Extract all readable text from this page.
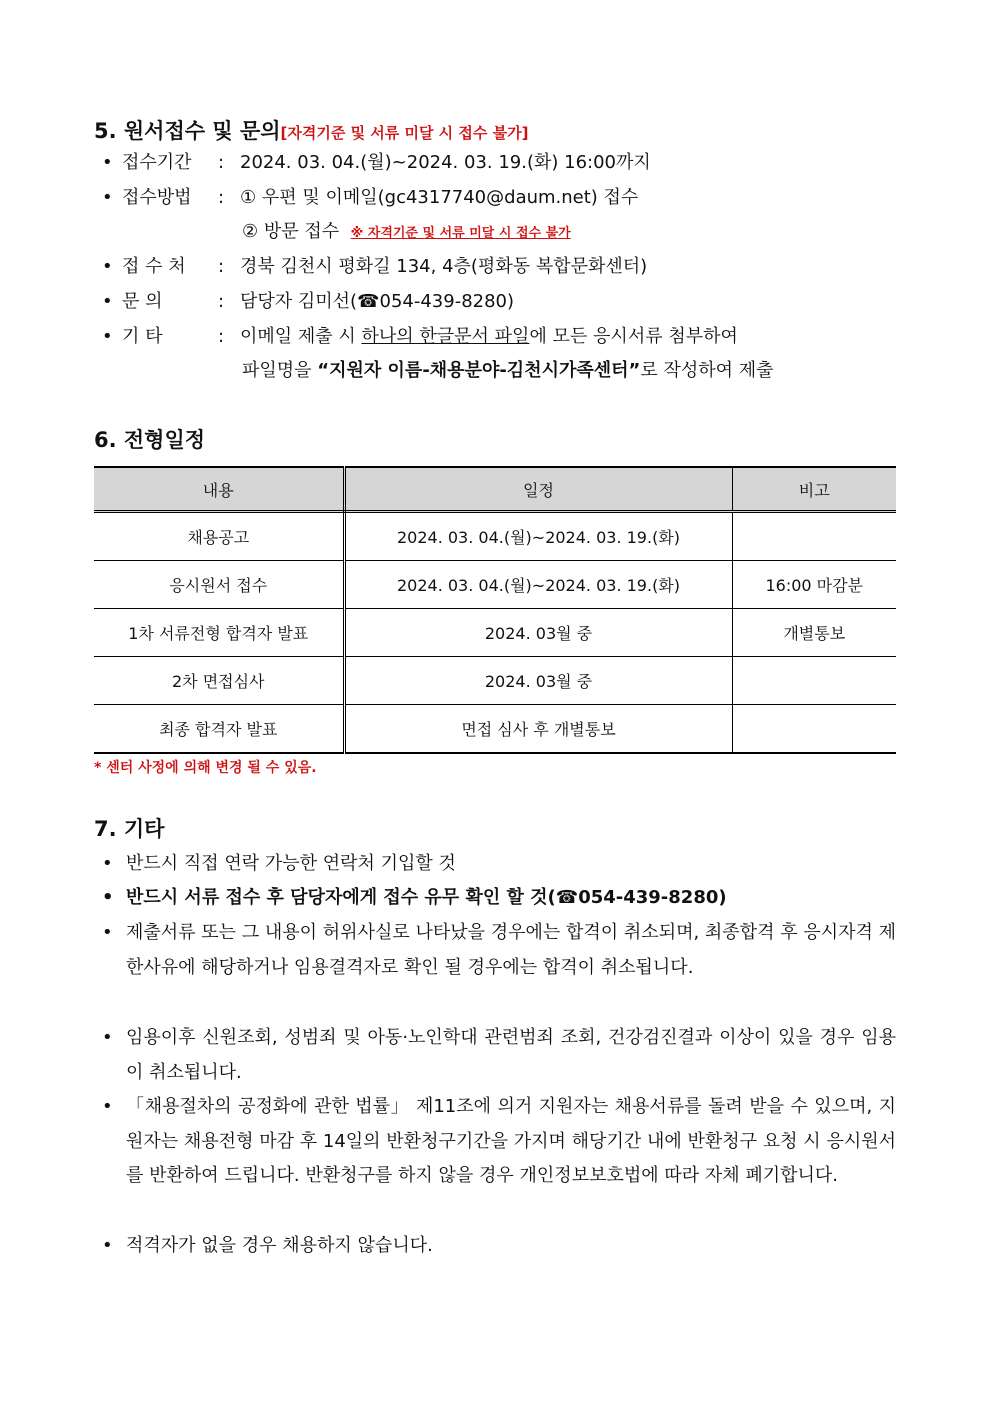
5. 원서접수 및 문의[자격기준 및 서류 미달 시 접수 불가]
• 접수기간 : 2024. 03. 04.(월)~2024. 03. 19.(화) 16:00까지
• 접수방법 : ① 우편 및 이메일(gc4317740@daum.net) 접수
② 방문 접수 ※ 자격기준 및 서류 미달 시 접수 불가
• 접 수 처 : 경북 김천시 평화길 134, 4층(평화동 복합문화센터)
• 문 의	: 담당자 김미선(☎054-439-8280)
• 기 타	: 이메일 제출 시 하나의 한글문서 파일에 모든 응시서류 첨부하여
파일명을 “지원자 이름-채용분야-김천시가족센터”로 작성하여 제출
6. 전형일정
내용	일정	비고
채용공고	2024. 03. 04.(월)~2024. 03. 19.(화)	
응시원서 접수	2024. 03. 04.(월)~2024. 03. 19.(화)	16:00 마감분
1차 서류전형 합격자 발표	2024. 03월 중	개별통보
2차 면접심사	2024. 03월 중	
최종 합격자 발표	면접 심사 후 개별통보	
* 센터 사정에 의해 변경 될 수 있음.
7. 기타
• 반드시 직접 연락 가능한 연락처 기입할 것
• 반드시 서류 접수 후 담당자에게 접수 유무 확인 할 것(☎054-439-8280)
• 제출서류 또는 그 내용이 허위사실로 나타났을 경우에는 합격이 취소되며, 최종합격 후 응시자격 제한사유에 해당하거나 임용결격자로 확인 될 경우에는 합격이 취소됩니다.
• 임용이후 신원조회, 성범죄 및 아동·노인학대 관련범죄 조회, 건강검진결과 이상이 있을 경우 임용이 취소됩니다.
• 「채용절차의 공정화에 관한 법률」 제11조에 의거 지원자는 채용서류를 돌려 받을 수 있으며, 지원자는 채용전형 마감 후 14일의 반환청구기간을 가지며 해당기간 내에 반환청구 요청 시 응시원서를 반환하여 드립니다. 반환청구를 하지 않을 경우 개인정보보호법에 따라 자체 폐기합니다.
• 적격자가 없을 경우 채용하지 않습니다.
